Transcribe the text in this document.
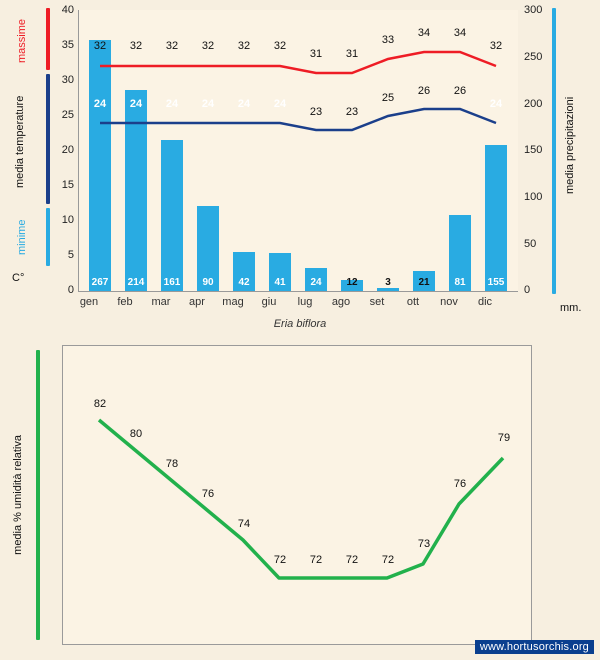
massime
media temperature
minime
C°
media precipitazioni
mm.
40
35
30
25
20
15
10
5
0
300
250
200
150
100
50
0
32	32	32	32	32	32
31	31
33
34	34
32
24	24	24	24	24	24
23	23
25
26	26
24
267	214	161	90	42	41	24	12	3	21	81	155
gen	feb	mar	apr	mag	giu	lug	ago	set	ott	nov	dic
Eria biflora
media % umidità relativa
82
80
78
76
74
72	72	72	72
73
76
79
www.hortusorchis.org
